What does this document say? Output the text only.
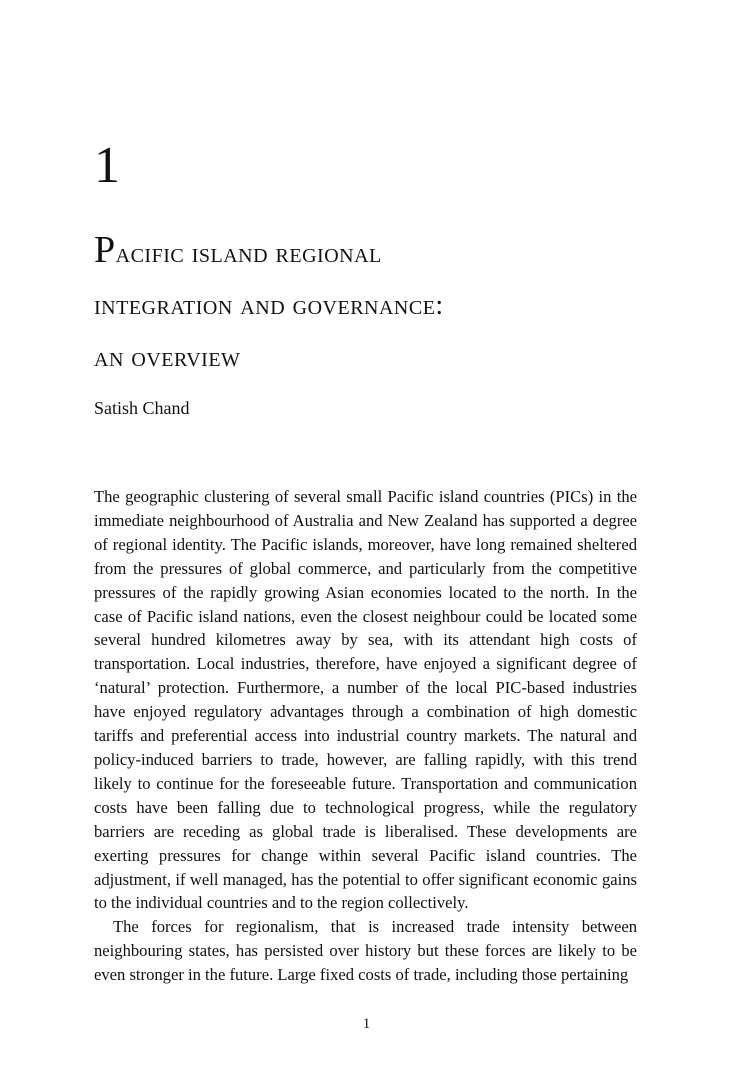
1
Pacific island regional
integration and governance:
an overview
Satish Chand

The geographic clustering of several small Pacific island countries (PICs) in the immediate neighbourhood of Australia and New Zealand has supported a degree of regional identity. The Pacific islands, moreover, have long remained sheltered from the pressures of global commerce, and particularly from the competitive pressures of the rapidly growing Asian economies located to the north. In the case of Pacific island nations, even the closest neighbour could be located some several hundred kilometres away by sea, with its attendant high costs of transportation. Local industries, therefore, have enjoyed a significant degree of ‘natural’ protection. Furthermore, a number of the local PIC-based industries have enjoyed regulatory advantages through a combination of high domestic tariffs and preferential access into industrial country markets. The natural and policy-induced barriers to trade, however, are falling rapidly, with this trend likely to continue for the foreseeable future. Transportation and communication costs have been falling due to technological progress, while the regulatory barriers are receding as global trade is liberalised. These developments are exerting pressures for change within several Pacific island countries. The adjustment, if well managed, has the potential to offer significant economic gains to the individual countries and to the region collectively.

The forces for regionalism, that is increased trade intensity between neighbouring states, has persisted over history but these forces are likely to be even stronger in the future. Large fixed costs of trade, including those pertaining

1
